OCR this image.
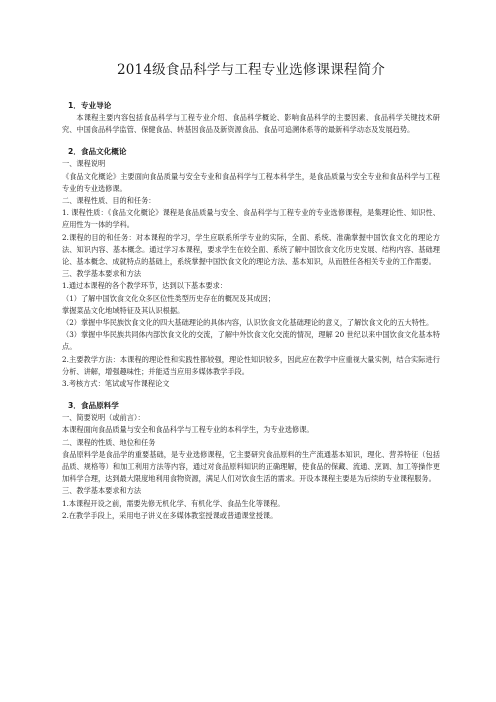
2014级食品科学与工程专业选修课课程简介

1．专业导论

本课程主要内容包括食品科学与工程专业介绍、食品科学概论、影响食品科学的主要因素、食品科学关键技术研究、中国食品科学监管、保健食品、转基因食品及新资源食品、食品可追溯体系等的最新科学动态及发展趋势。

2．食品文化概论

一、课程说明

《食品文化概论》主要面向食品质量与安全专业和食品科学与工程本科学生，是食品质量与安全专业和食品科学与工程专业的专业选修课。

二、课程性质、目的和任务：

1. 课程性质：《食品文化概论》课程是食品质量与安全、食品科学与工程专业的专业选修课程，是集理论性、知识性、应用性为一体的学科。

2.课程的目的和任务：对本课程的学习，学生应联系所学专业的实际，全面、系统、准确掌握中国饮食文化的理论方法、知识内容、基本概念。通过学习本课程，要求学生在较全面、系统了解中国饮食文化历史发展、结构内容、基础理论、基本概念、成就特点的基础上，系统掌握中国饮食文化的理论方法、基本知识，从而胜任各相关专业的工作需要。

三、教学基本要求和方法

1.通过本课程的各个教学环节，达到以下基本要求：

（1）了解中国饮食文化众多区位性类型历史存在的概况及其成因；

掌握菜品文化地域特征及其认识根据。

（2）掌握中华民族饮食文化的四大基础理论的具体内容，认识饮食文化基础理论的意义，了解饮食文化的五大特性。

（3）掌握中华民族共同体内部饮食文化的交流，了解中外饮食文化交流的情况，理解 20 世纪以来中国饮食文化基本特点。

2.主要教学方法：本课程的理论性和实践性都较强，理论性知识较多，因此应在教学中应重视大量实例，结合实际进行分析、讲解，增强趣味性；并能适当应用多媒体教学手段。

3.考核方式：笔试或写作课程论文

3．食品原料学

一、简要说明（或前言）：

本课程面向食品质量与安全和食品科学与工程专业的本科学生，为专业选修课。

二、课程的性质、地位和任务

食品原料学是食品学的重要基础，是专业选修课程，它主要研究食品原料的生产流通基本知识，理化、营养特征（包括品质、规格等）和加工利用方法等内容，通过对食品原料知识的正确理解，使食品的保藏、流通、烹调、加工等操作更加科学合理，达到最大限度地利用食物资源，满足人们对饮食生活的需求。开设本课程主要是为后续的专业课程服务。

三、教学基本要求和方法

1.本课程开设之前，需要先修无机化学、有机化学、食品生化等课程。

2.在教学手段上，采用电子讲义在多媒体教室授课或普通课堂授课。
